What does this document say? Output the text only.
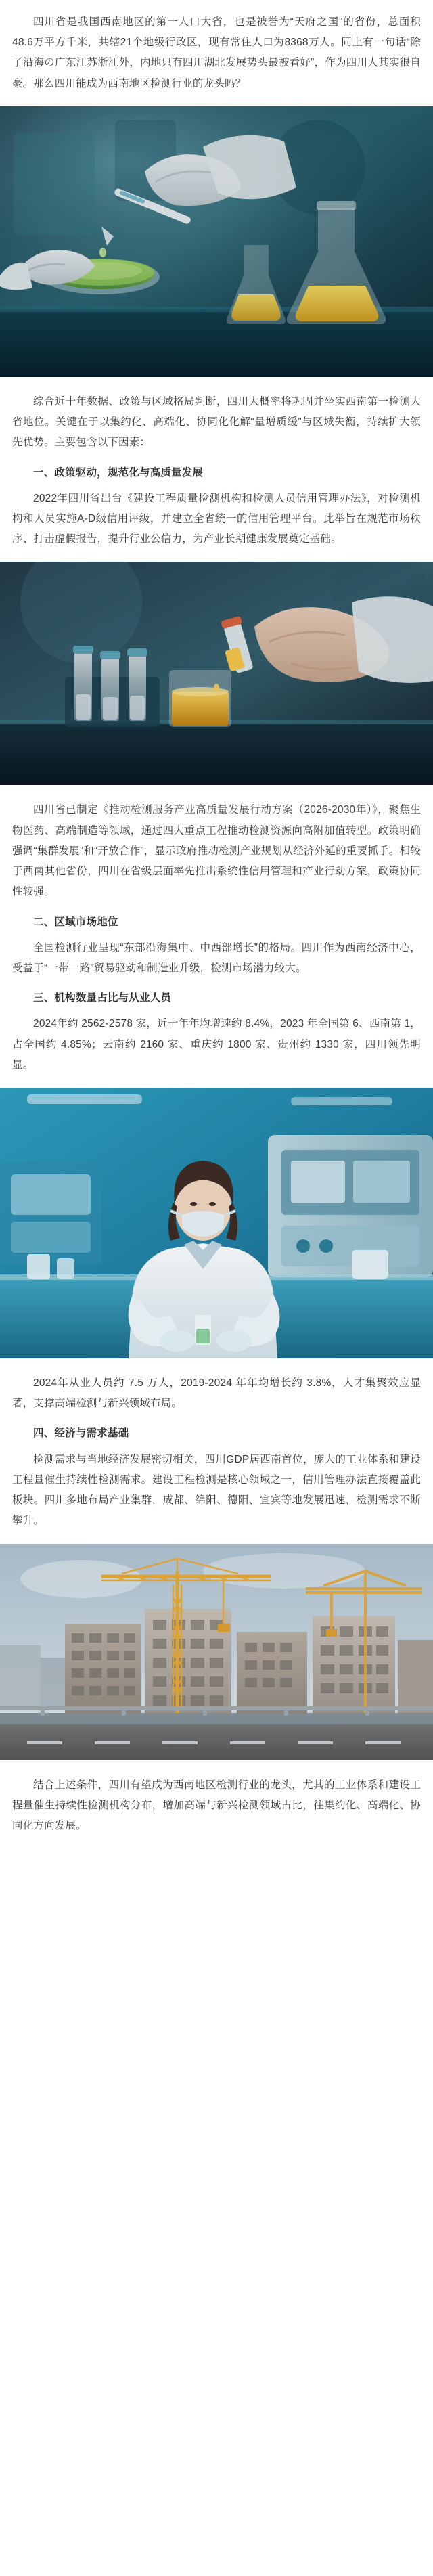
四川省是我国西南地区的第一人口大省，也是被誉为“天府之国”的省份，总面积48.6万平方千米，共辖21个地级行政区，现有常住人口为8368万人。同上有一句话“除了沿海の广东江苏浙江外，内地只有四川湖北发展势头最被看好”，作为四川人其实很自豪。那么四川能成为西南地区检测行业的龙头吗？

综合近十年数据、政策与区域格局判断，四川大概率将巩固并坐实西南第一检测大省地位。关键在于以集约化、高端化、协同化化解“量增质缓”与区域失衡，持续扩大领先优势。主要包含以下因素：

一、政策驱动，规范化与高质量发展

2022年四川省出台《建设工程质量检测机构和检测人员信用管理办法》，对检测机构和人员实施A-D级信用评级，并建立全省统一的信用管理平台。此举旨在规范市场秩序、打击虚假报告，提升行业公信力，为产业长期健康发展奠定基础。

四川省已制定《推动检测服务产业高质量发展行动方案（2026-2030年）》，聚焦生物医药、高端制造等领域，通过四大重点工程推动检测资源向高附加值转型。政策明确强调“集群发展”和“开放合作”，显示政府推动检测产业规划从经济外延的重要抓手。相较于西南其他省份，四川在省级层面率先推出系统性信用管理和产业行动方案，政策协同性较强。

二、区域市场地位

全国检测行业呈现“东部沿海集中、中西部增长”的格局。四川作为西南经济中心，受益于“一带一路”贸易驱动和制造业升级，检测市场潜力较大。

三、机构数量占比与从业人员

2024年约 2562-2578 家，近十年年均增速约 8.4%，2023 年全国第 6、西南第 1，占全国约 4.85%；云南约 2160 家、重庆约 1800 家、贵州约 1330 家，四川领先明显。

2024年从业人员约 7.5 万人，2019-2024 年年均增长约 3.8%，人才集聚效应显著，支撑高端检测与新兴领域布局。

四、经济与需求基础

检测需求与当地经济发展密切相关，四川GDP居西南首位，庞大的工业体系和建设工程量催生持续性检测需求。建设工程检测是核心领域之一，信用管理办法直接覆盖此板块。四川多地布局产业集群，成都、绵阳、德阳、宜宾等地发展迅速，检测需求不断攀升。

结合上述条件，四川有望成为西南地区检测行业的龙头，尤其的工业体系和建设工程量催生持续性检测机构分布，增加高端与新兴检测领域占比，往集约化、高端化、协同化方向发展。
